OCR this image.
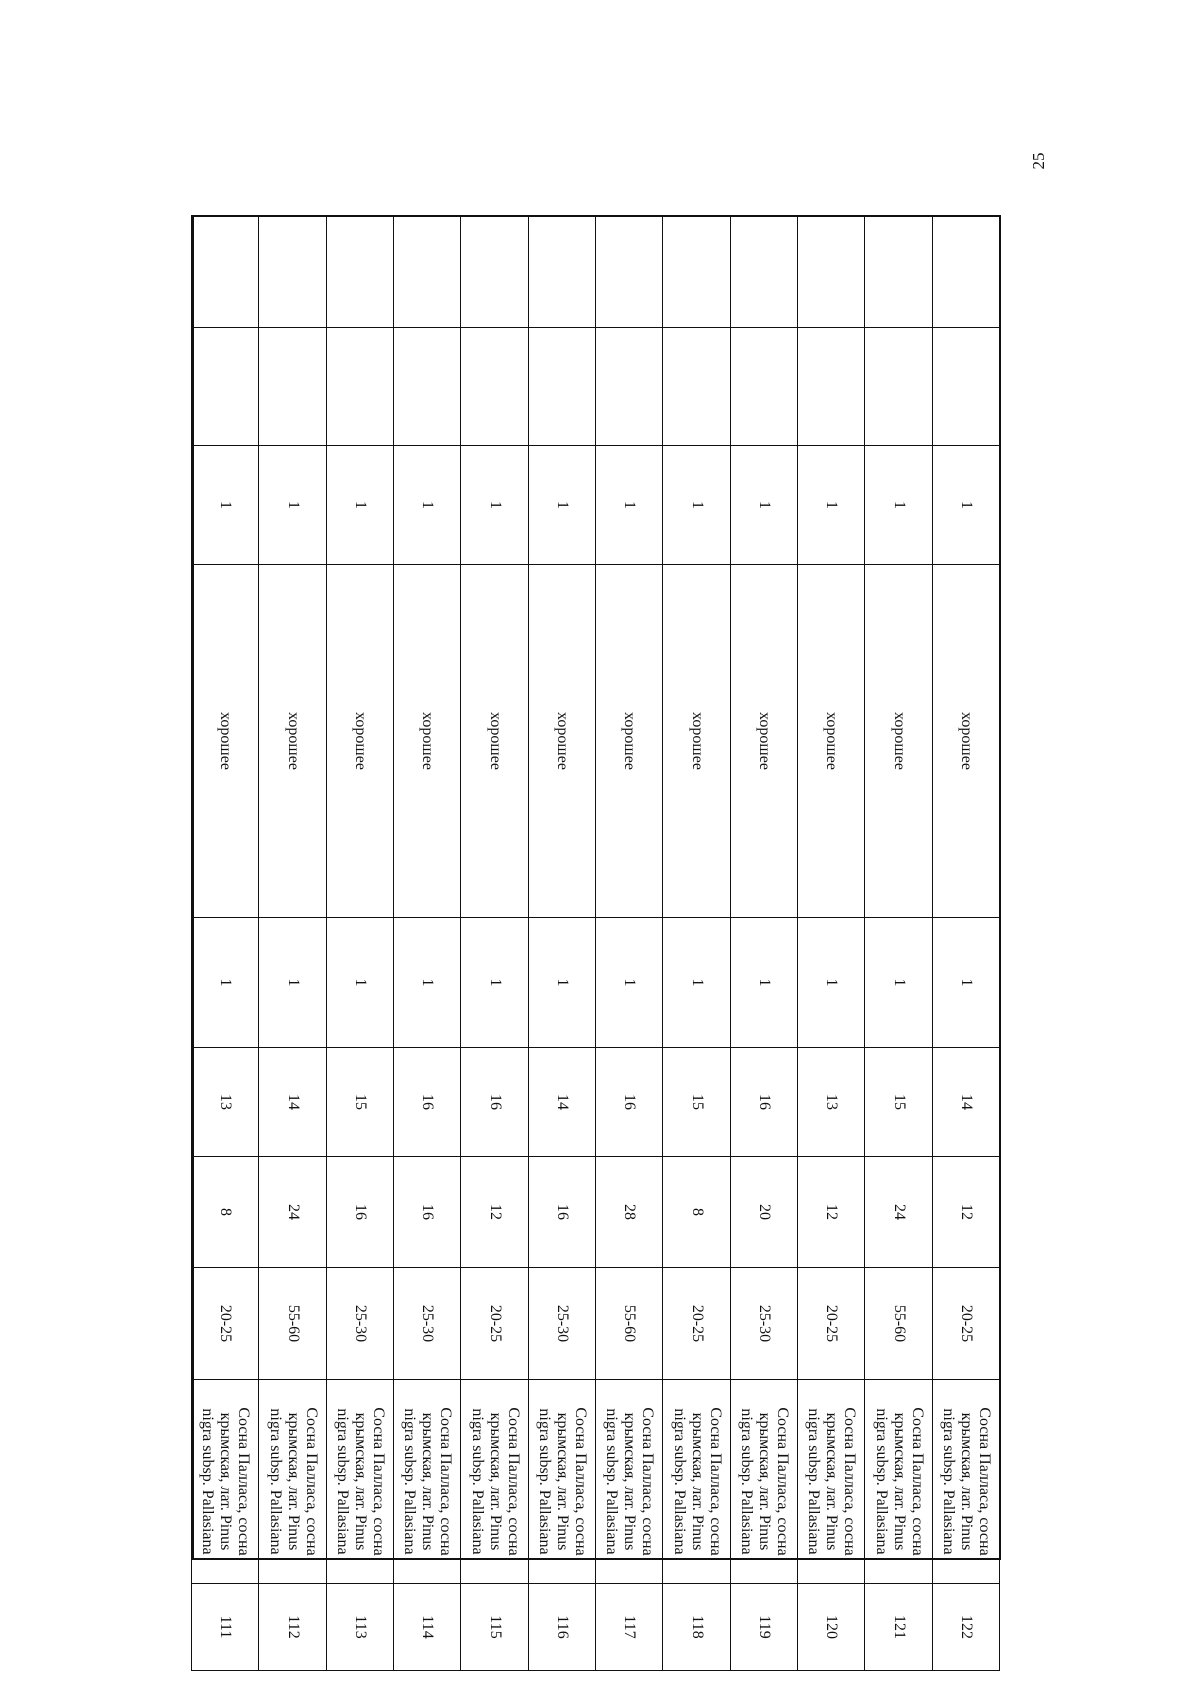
25
		1	хорошее	1	14	12	20-25	Сосна Палласа, сосна
крымская, лат. Pinus
nigra subsp. Pallasiana	122
		1	хорошее	1	15	24	55-60	Сосна Палласа, сосна
крымская, лат. Pinus
nigra subsp. Pallasiana	121
		1	хорошее	1	13	12	20-25	Сосна Палласа, сосна
крымская, лат. Pinus
nigra subsp. Pallasiana	120
		1	хорошее	1	16	20	25-30	Сосна Палласа, сосна
крымская, лат. Pinus
nigra subsp. Pallasiana	119
		1	хорошее	1	15	8	20-25	Сосна Палласа, сосна
крымская, лат. Pinus
nigra subsp. Pallasiana	118
		1	хорошее	1	16	28	55-60	Сосна Палласа, сосна
крымская, лат. Pinus
nigra subsp. Pallasiana	117
		1	хорошее	1	14	16	25-30	Сосна Палласа, сосна
крымская, лат. Pinus
nigra subsp. Pallasiana	116
		1	хорошее	1	16	12	20-25	Сосна Палласа, сосна
крымская, лат. Pinus
nigra subsp. Pallasiana	115
		1	хорошее	1	16	16	25-30	Сосна Палласа, сосна
крымская, лат. Pinus
nigra subsp. Pallasiana	114
		1	хорошее	1	15	16	25-30	Сосна Палласа, сосна
крымская, лат. Pinus
nigra subsp. Pallasiana	113
		1	хорошее	1	14	24	55-60	Сосна Палласа, сосна
крымская, лат. Pinus
nigra subsp. Pallasiana	112
		1	хорошее	1	13	8	20-25	Сосна Палласа, сосна
крымская, лат. Pinus
nigra subsp. Pallasiana	111
